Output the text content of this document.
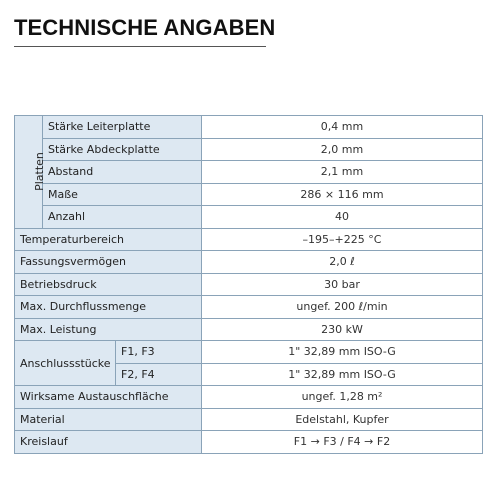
TECHNISCHE ANGABEN
Platten	Stärke Leiterplatte		0,4 mm
	Stärke Abdeckplatte		2,0 mm
	Abstand		2,1 mm
	Maße		286 × 116 mm
	Anzahl		40
Temperaturbereich			–195–+225 °C
Fassungsvermögen			2,0 ℓ
Betriebsdruck			30 bar
Max. Durchflussmenge			ungef. 200 ℓ/min
Max. Leistung			230 kW
Anschlussstücke		F1, F3	1" 32,89 mm ISO-G
		F2, F4	1" 32,89 mm ISO-G
Wirksame Austauschfläche			ungef. 1,28 m²
Material			Edelstahl, Kupfer
Kreislauf			F1 → F3 / F4 → F2
